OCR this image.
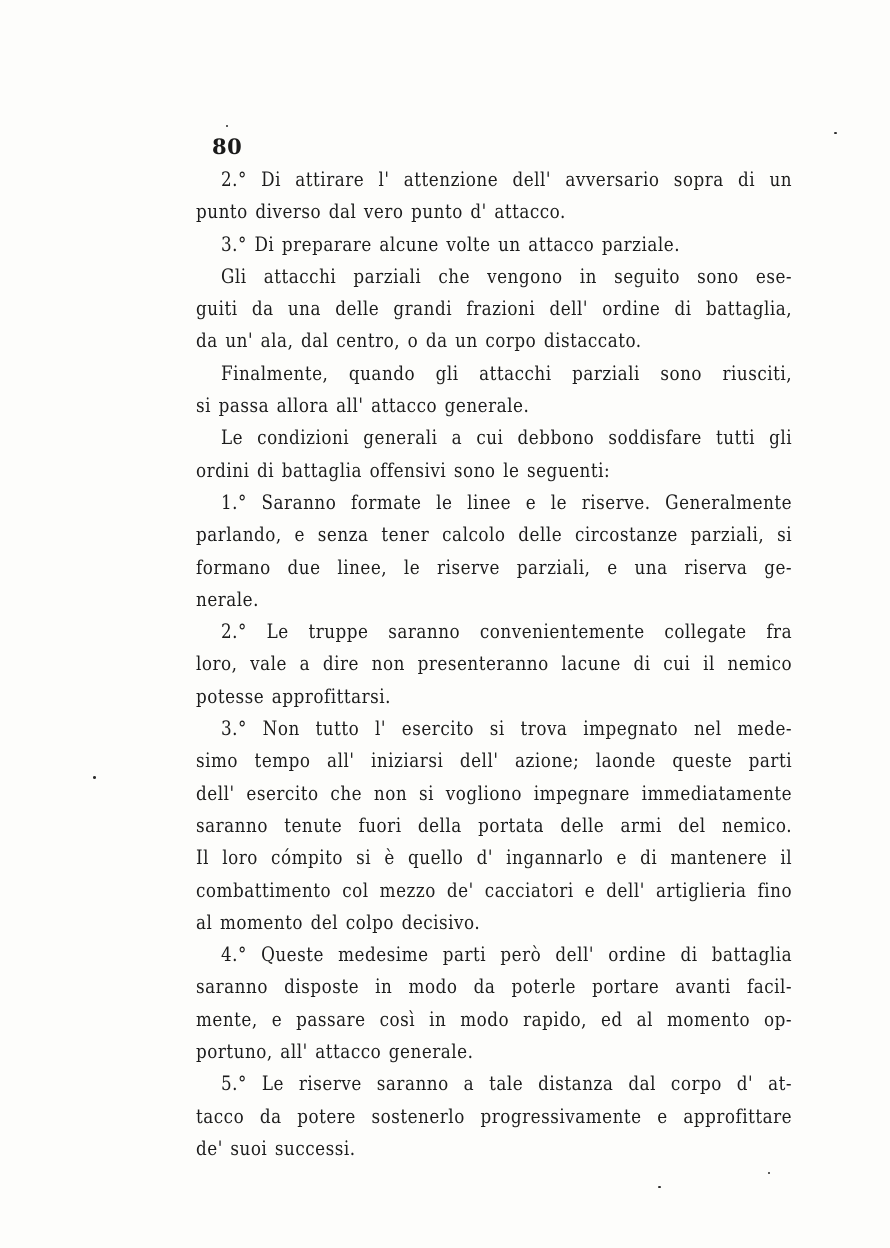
80
2.° Di attirare l' attenzione dell' avversario sopra di un
punto diverso dal vero punto d' attacco.
3.° Di preparare alcune volte un attacco parziale.
Gli attacchi parziali che vengono in seguito sono ese-
guiti da una delle grandi frazioni dell' ordine di battaglia,
da un' ala, dal centro, o da un corpo distaccato.
Finalmente, quando gli attacchi parziali sono riusciti,
si passa allora all' attacco generale.
Le condizioni generali a cui debbono soddisfare tutti gli
ordini di battaglia offensivi sono le seguenti:
1.° Saranno formate le linee e le riserve. Generalmente
parlando, e senza tener calcolo delle circostanze parziali, si
formano due linee, le riserve parziali, e una riserva ge-
nerale.
2.° Le truppe saranno convenientemente collegate fra
loro, vale a dire non presenteranno lacune di cui il nemico
potesse approfittarsi.
3.° Non tutto l' esercito si trova impegnato nel mede-
simo tempo all' iniziarsi dell' azione; laonde queste parti
dell' esercito che non si vogliono impegnare immediatamente
saranno tenute fuori della portata delle armi del nemico.
Il loro cómpito si è quello d' ingannarlo e di mantenere il
combattimento col mezzo de' cacciatori e dell' artiglieria fino
al momento del colpo decisivo.
4.° Queste medesime parti però dell' ordine di battaglia
saranno disposte in modo da poterle portare avanti facil-
mente, e passare così in modo rapido, ed al momento op-
portuno, all' attacco generale.
5.° Le riserve saranno a tale distanza dal corpo d' at-
tacco da potere sostenerlo progressivamente e approfittare
de' suoi successi.
